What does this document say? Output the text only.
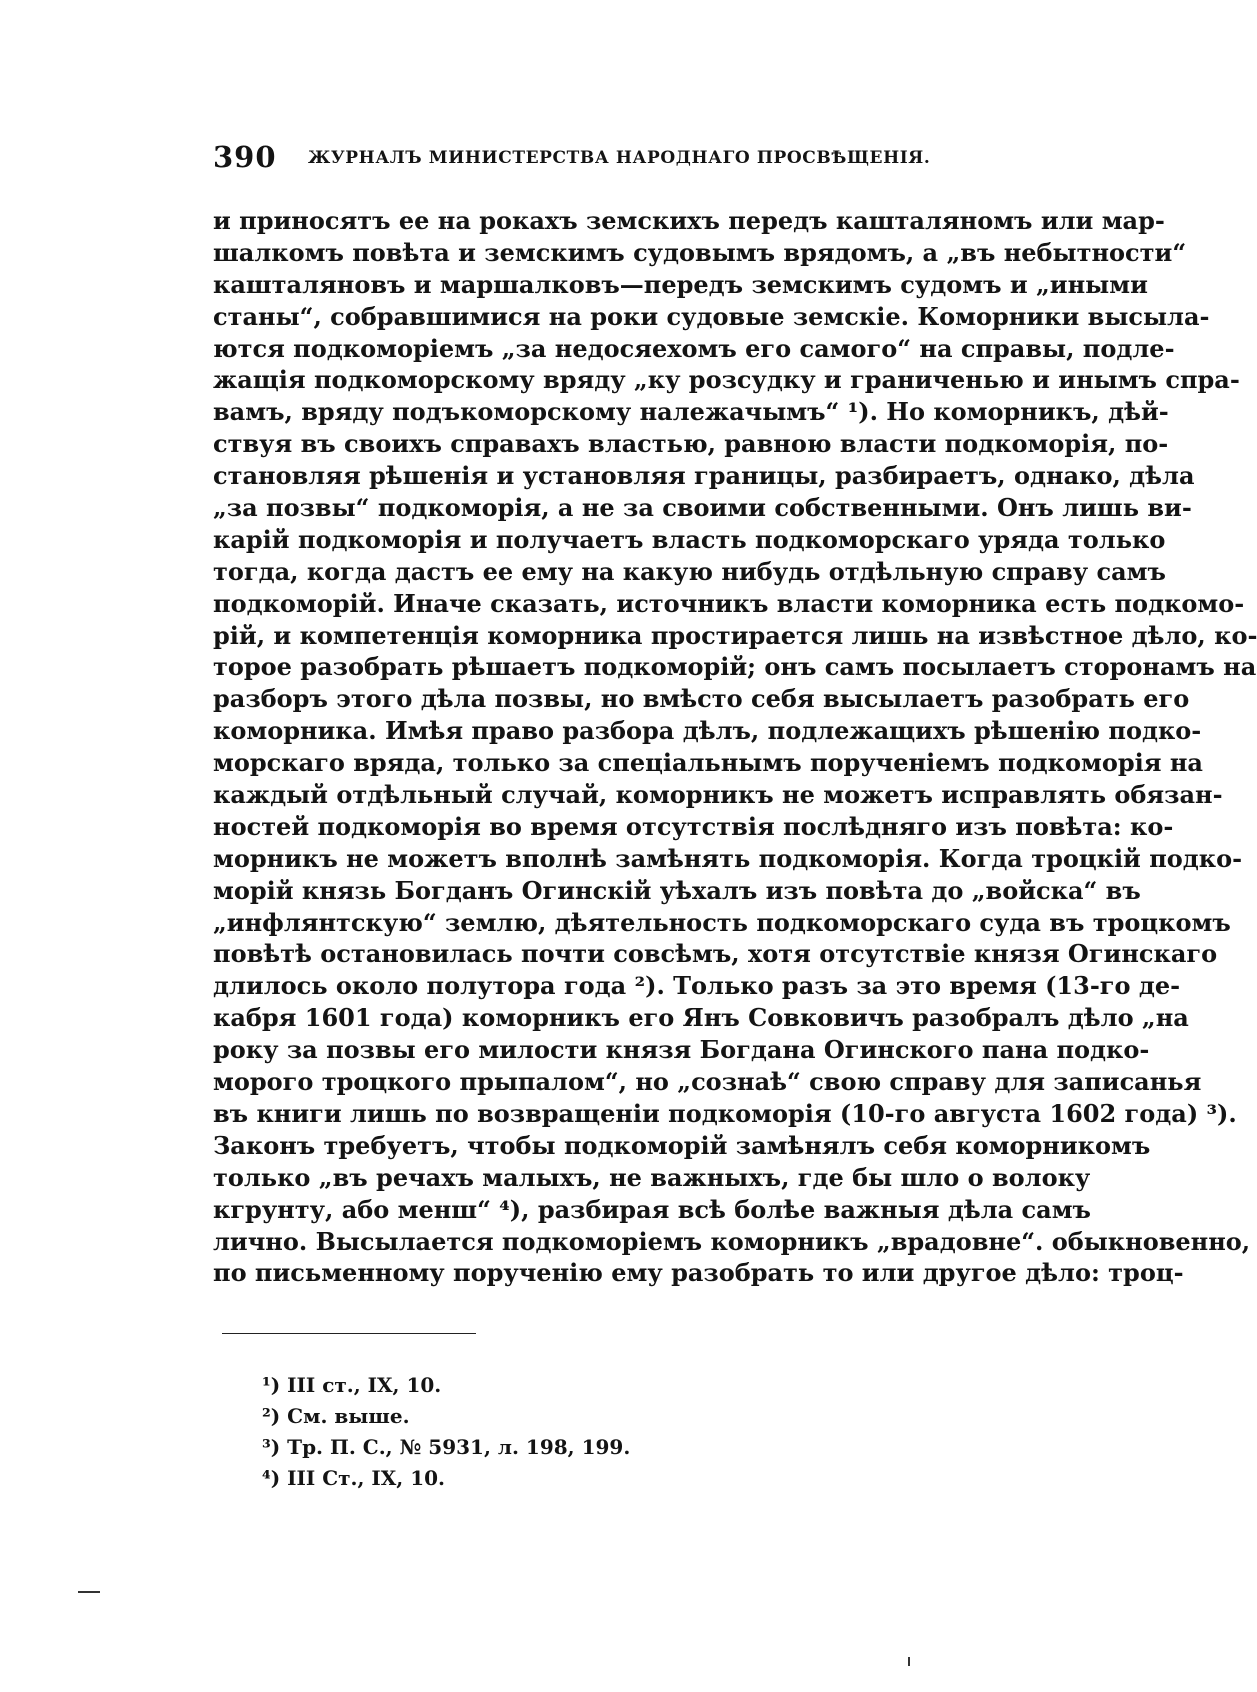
390 ЖУРНАЛЪ МИНИСТЕРСТВА НАРОДНАГО ПРОСВѢЩЕНІЯ.
и приносятъ ее на рокахъ земскихъ передъ кашталяномъ или мар-
шалкомъ повѣта и земскимъ судовымъ врядомъ, а „въ небытности“
кашталяновъ и маршалковъ—передъ земскимъ судомъ и „иными
станы“, собравшимися на роки судовые земскіе. Коморники высыла-
ются подкоморіемъ „за недосяехомъ его самого“ на справы, подле-
жащія подкоморскому вряду „ку розсудку и граниченью и инымъ спра-
вамъ, вряду подъкоморскому належачымъ“ ¹). Но коморникъ, дѣй-
ствуя въ своихъ справахъ властью, равною власти подкоморія, по-
становляя рѣшенія и установляя границы, разбираетъ, однако, дѣла
„за позвы“ подкоморія, а не за своими собственными. Онъ лишь ви-
карій подкоморія и получаетъ власть подкоморскаго уряда только
тогда, когда дастъ ее ему на какую нибудь отдѣльную справу самъ
подкоморій. Иначе сказать, источникъ власти коморника есть подкомо-
рій, и компетенція коморника простирается лишь на извѣстное дѣло, ко-
торое разобрать рѣшаетъ подкоморій; онъ самъ посылаетъ сторонамъ на
разборъ этого дѣла позвы, но вмѣсто себя высылаетъ разобрать его
коморника. Имѣя право разбора дѣлъ, подлежащихъ рѣшенію подко-
морскаго вряда, только за спеціальнымъ порученіемъ подкоморія на
каждый отдѣльный случай, коморникъ не можетъ исправлять обязан-
ностей подкоморія во время отсутствія послѣдняго изъ повѣта: ко-
морникъ не можетъ вполнѣ замѣнять подкоморія. Когда троцкій подко-
морій князь Богданъ Огинскій уѣхалъ изъ повѣта до „войска“ въ
„инфлянтскую“ землю, дѣятельность подкоморскаго суда въ троцкомъ
повѣтѣ остановилась почти совсѣмъ, хотя отсутствіе князя Огинскаго
длилось около полутора года ²). Только разъ за это время (13-го де-
кабря 1601 года) коморникъ его Янъ Совковичъ разобралъ дѣло „на
року за позвы его милости князя Богдана Огинского пана подко-
морого троцкого прыпалом“, но „сознаѣ“ свою справу для записанья
въ книги лишь по возвращеніи подкоморія (10-го августа 1602 года) ³).
Законъ требуетъ, чтобы подкоморій замѣнялъ себя коморникомъ
только „въ речахъ малыхъ, не важныхъ, где бы шло о волоку
кгрунту, або менш“ ⁴), разбирая всѣ болѣе важныя дѣла самъ
лично. Высылается подкоморіемъ коморникъ „врадовне“. обыкновенно,
по письменному порученію ему разобрать то или другое дѣло: троц-
¹) III ст., IX, 10.
²) См. выше.
³) Тр. П. С., № 5931, л. 198, 199.
⁴) III Ст., IX, 10.
